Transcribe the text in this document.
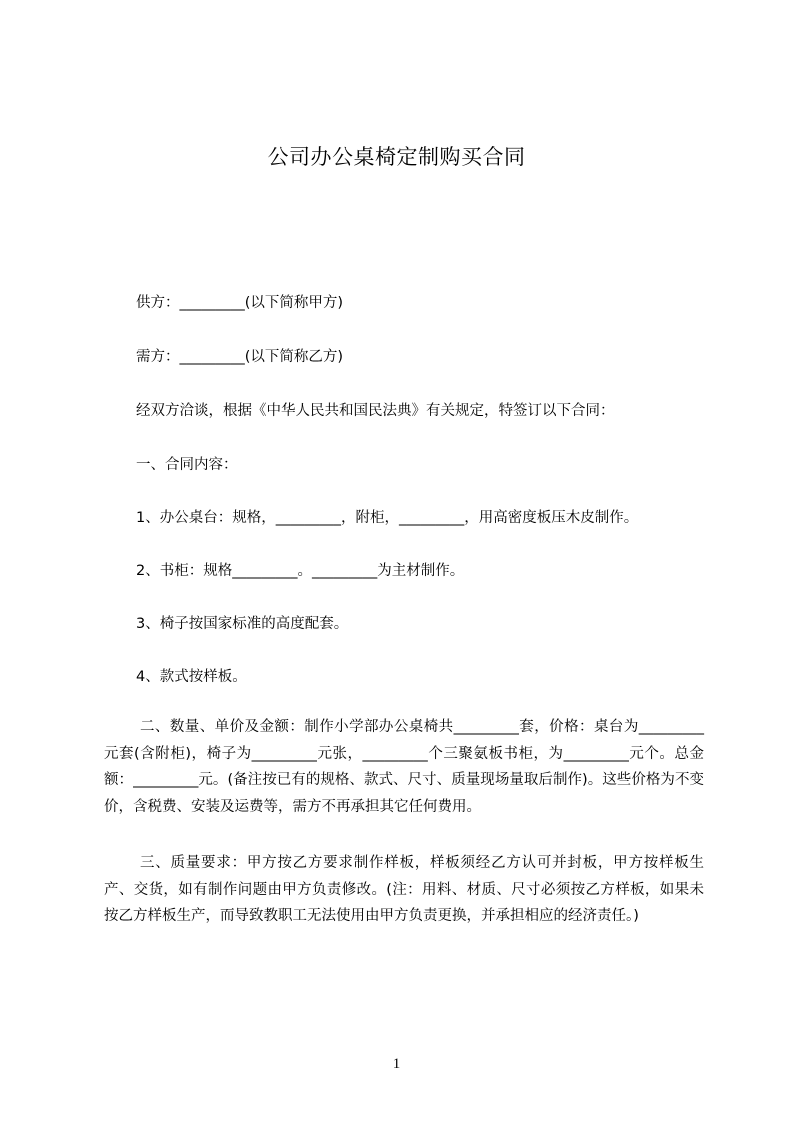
公司办公桌椅定制购买合同
供方：_________(以下简称甲方)
需方：_________(以下简称乙方)
经双方洽谈，根据《中华人民共和国民法典》有关规定，特签订以下合同：
一、合同内容：
1、办公桌台：规格，_________，附柜，_________，用高密度板压木皮制作。
2、书柜：规格_________。_________为主材制作。
3、椅子按国家标准的高度配套。
4、款式按样板。
二、数量、单价及金额：制作小学部办公桌椅共_________套，价格：桌台为_________元套(含附柜)，椅子为_________元张，_________个三聚氨板书柜，为_________元个。总金额：_________元。(备注按已有的规格、款式、尺寸、质量现场量取后制作)。这些价格为不变价，含税费、安装及运费等，需方不再承担其它任何费用。
三、质量要求：甲方按乙方要求制作样板，样板须经乙方认可并封板，甲方按样板生产、交货，如有制作问题由甲方负责修改。(注：用料、材质、尺寸必须按乙方样板，如果未按乙方样板生产，而导致教职工无法使用由甲方负责更换，并承担相应的经济责任。)
1
